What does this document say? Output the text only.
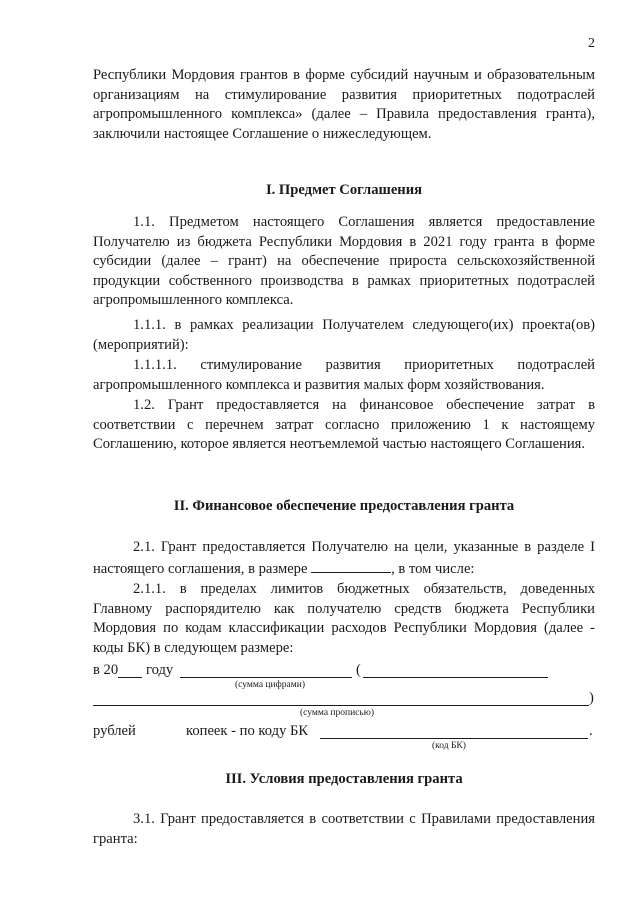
2
Республики Мордовия грантов в форме субсидий научным и образовательным организациям на стимулирование развития приоритетных подотраслей агропромышленного комплекса» (далее – Правила предоставления гранта), заключили настоящее Соглашение о нижеследующем.
I. Предмет Соглашения
1.1. Предметом настоящего Соглашения является предоставление Получателю из бюджета Республики Мордовия в 2021 году гранта в форме субсидии (далее – грант) на обеспечение прироста сельскохозяйственной продукции собственного производства в рамках приоритетных подотраслей агропромышленного комплекса.
1.1.1. в рамках реализации Получателем следующего(их) проекта(ов) (мероприятий):
1.1.1.1. стимулирование развития приоритетных подотраслей агропромышленного комплекса и развития малых форм хозяйствования.
1.2. Грант предоставляется на финансовое обеспечение затрат в соответствии с перечнем затрат согласно приложению 1 к настоящему Соглашению, которое является неотъемлемой частью настоящего Соглашения.
II. Финансовое обеспечение предоставления гранта
2.1. Грант предоставляется Получателю на цели, указанные в разделе I настоящего соглашения, в размере	, в том числе:
2.1.1. в пределах лимитов бюджетных обязательств, доведенных Главному распорядителю как получателю средств бюджета Республики Мордовия по кодам классификации расходов Республики Мордовия (далее - коды БК) в следующем размере:
в 20 году	(
(сумма цифрами)
)
(сумма прописью)
рублей	копеек - по коду БК	.
(код БК)
III. Условия предоставления гранта
3.1. Грант предоставляется в соответствии с Правилами предоставления гранта:
